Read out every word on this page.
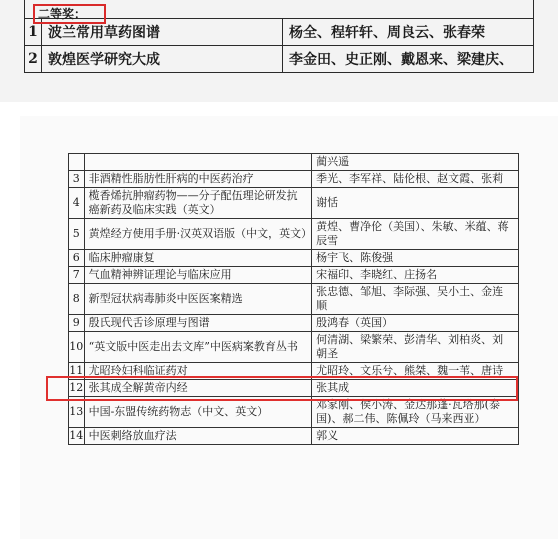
1	波兰常用草药图谱	杨全、程轩轩、周良云、张春荣
2	敦煌医学研究大成	李金田、史正刚、戴恩来、梁建庆、
二等奖：
		蔺兴遥
3	非酒精性脂肪性肝病的中医药治疗	季光、李军祥、陆伦根、赵文霞、张莉
4	榄香烯抗肿瘤药物——分子配伍理论研发抗癌新药及临床实践（英文）	谢恬
5	黄煌经方使用手册·汉英双语版（中文，英文）	黄煌、曹净伦（美国）、朱敏、米蕴、蒋辰雪
6	临床肿瘤康复	杨宇飞、陈俊强
7	气血精神辨证理论与临床应用	宋福印、李晓红、庄扬名
8	新型冠状病毒肺炎中医医案精选	张忠德、邹旭、李际强、吴小土、金连顺
9	殷氏现代舌诊原理与图谱	殷鸿春（英国）
10	“英文版中医走出去文库”中医病案教育丛书	何清湖、梁繁荣、彭清华、刘柏炎、刘朝圣
11	尤昭玲妇科临证药对	尤昭玲、文乐兮、熊桀、魏一苇、唐诗
12	张其成全解黄帝内经	张其成
13	中国-东盟传统药物志（中文、英文）	邓家刚、侯小涛、金达那蓬·瓦塔那(泰国)、郝二伟、陈佩玲（马来西亚）
14	中医刺络放血疗法	郭义
